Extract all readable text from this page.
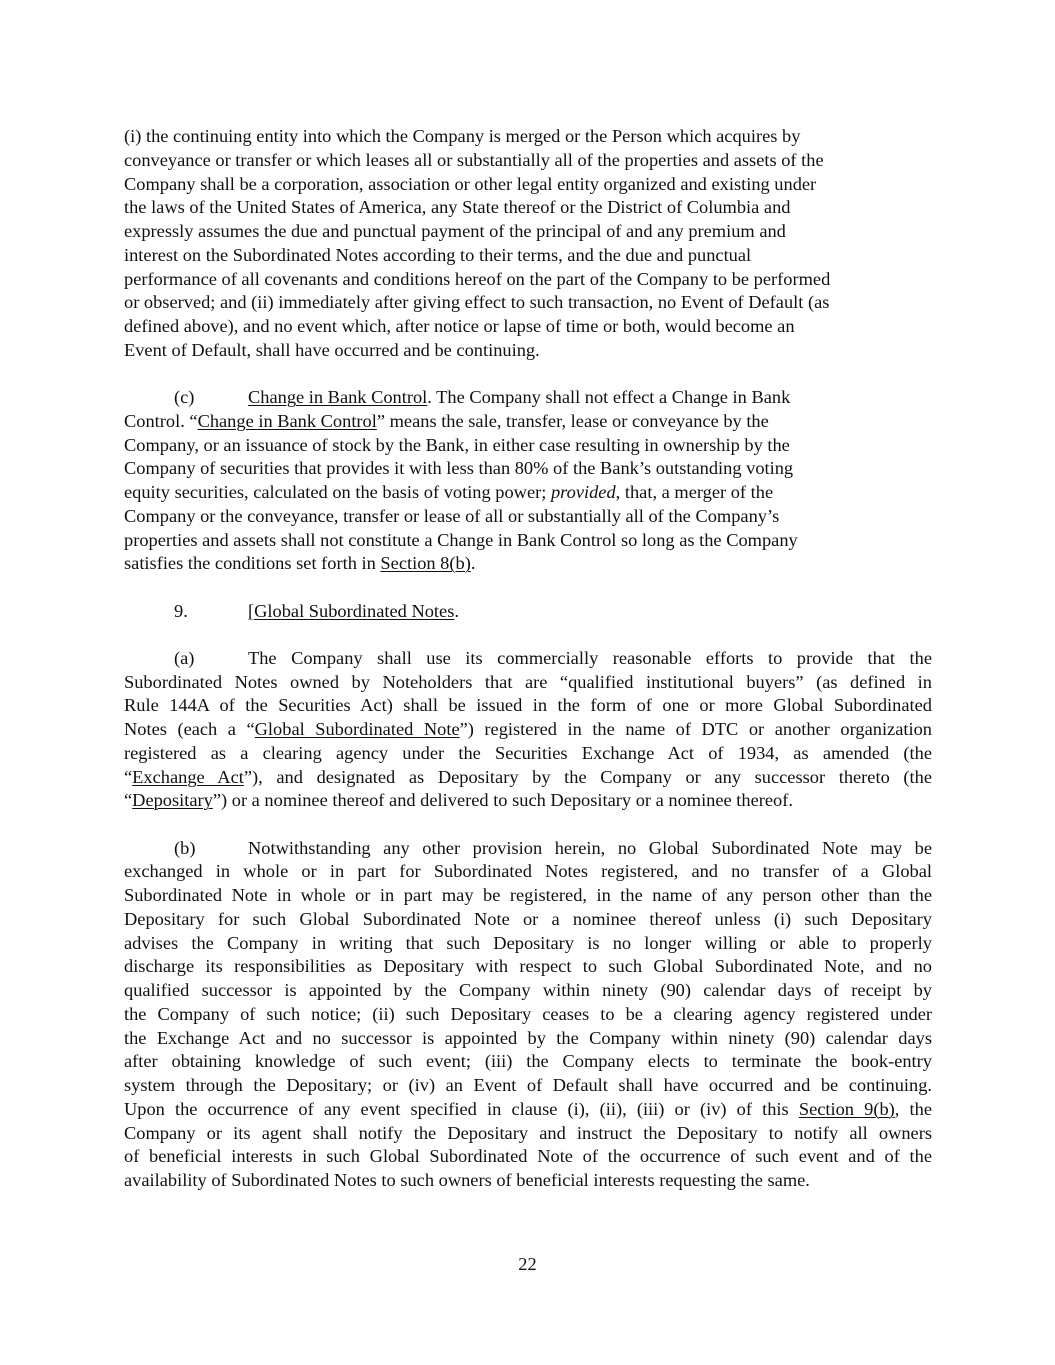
(i) the continuing entity into which the Company is merged or the Person which acquires by
conveyance or transfer or which leases all or substantially all of the properties and assets of the
Company shall be a corporation, association or other legal entity organized and existing under
the laws of the United States of America, any State thereof or the District of Columbia and
expressly assumes the due and punctual payment of the principal of and any premium and
interest on the Subordinated Notes according to their terms, and the due and punctual
performance of all covenants and conditions hereof on the part of the Company to be performed
or observed; and (ii) immediately after giving effect to such transaction, no Event of Default (as
defined above), and no event which, after notice or lapse of time or both, would become an
Event of Default, shall have occurred and be continuing.
(c)	Change in Bank Control. The Company shall not effect a Change in Bank
Control. “Change in Bank Control” means the sale, transfer, lease or conveyance by the
Company, or an issuance of stock by the Bank, in either case resulting in ownership by the
Company of securities that provides it with less than 80% of the Bank’s outstanding voting
equity securities, calculated on the basis of voting power; provided, that, a merger of the
Company or the conveyance, transfer or lease of all or substantially all of the Company’s
properties and assets shall not constitute a Change in Bank Control so long as the Company
satisfies the conditions set forth in Section 8(b).
9.	[Global Subordinated Notes.
(a)	The Company shall use its commercially reasonable efforts to provide that the
Subordinated Notes owned by Noteholders that are “qualified institutional buyers” (as defined in
Rule 144A of the Securities Act) shall be issued in the form of one or more Global Subordinated
Notes (each a “Global Subordinated Note”) registered in the name of DTC or another organization
registered as a clearing agency under the Securities Exchange Act of 1934, as amended (the
“Exchange Act”), and designated as Depositary by the Company or any successor thereto (the
“Depositary”) or a nominee thereof and delivered to such Depositary or a nominee thereof.
(b)	Notwithstanding any other provision herein, no Global Subordinated Note may be
exchanged in whole or in part for Subordinated Notes registered, and no transfer of a Global
Subordinated Note in whole or in part may be registered, in the name of any person other than the
Depositary for such Global Subordinated Note or a nominee thereof unless (i) such Depositary
advises the Company in writing that such Depositary is no longer willing or able to properly
discharge its responsibilities as Depositary with respect to such Global Subordinated Note, and no
qualified successor is appointed by the Company within ninety (90) calendar days of receipt by
the Company of such notice; (ii) such Depositary ceases to be a clearing agency registered under
the Exchange Act and no successor is appointed by the Company within ninety (90) calendar days
after obtaining knowledge of such event; (iii) the Company elects to terminate the book-entry
system through the Depositary; or (iv) an Event of Default shall have occurred and be continuing.
Upon the occurrence of any event specified in clause (i), (ii), (iii) or (iv) of this Section 9(b), the
Company or its agent shall notify the Depositary and instruct the Depositary to notify all owners
of beneficial interests in such Global Subordinated Note of the occurrence of such event and of the
availability of Subordinated Notes to such owners of beneficial interests requesting the same.
22
